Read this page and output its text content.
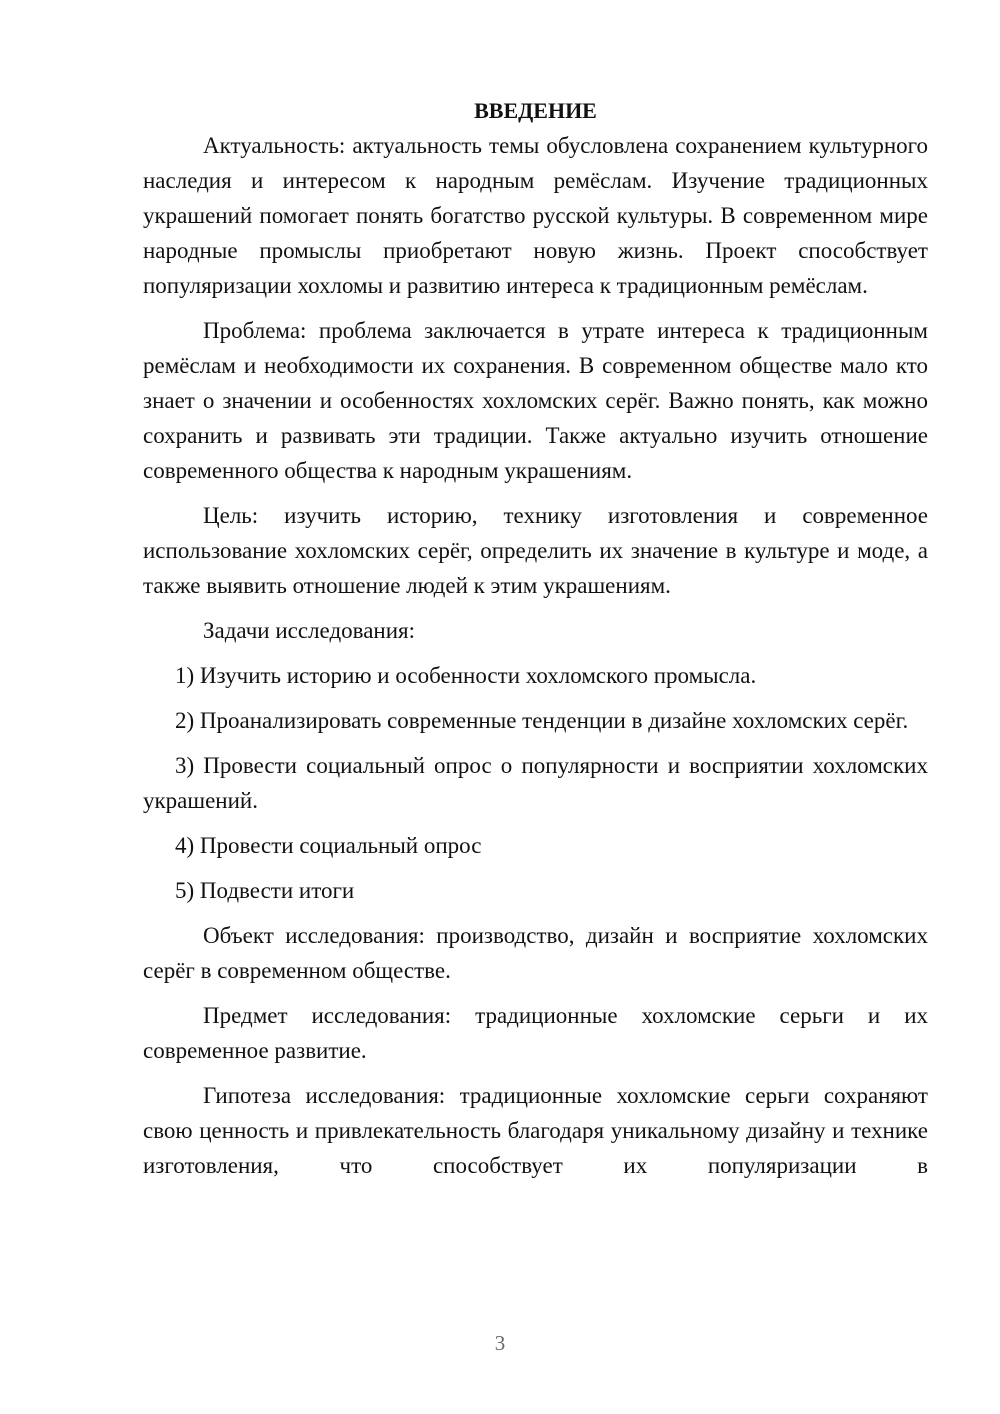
ВВЕДЕНИЕ

Актуальность: актуальность темы обусловлена сохранением культурного наследия и интересом к народным ремёслам. Изучение традиционных украшений помогает понять богатство русской культуры. В современном мире народные промыслы приобретают новую жизнь. Проект способствует популяризации хохломы и развитию интереса к традиционным ремёслам.

Проблема: проблема заключается в утрате интереса к традиционным ремёслам и необходимости их сохранения. В современном обществе мало кто знает о значении и особенностях хохломских серёг. Важно понять, как можно сохранить и развивать эти традиции. Также актуально изучить отношение современного общества к народным украшениям.

Цель: изучить историю, технику изготовления и современное использование хохломских серёг, определить их значение в культуре и моде, а также выявить отношение людей к этим украшениям.

Задачи исследования:

1) Изучить историю и особенности хохломского промысла.

2) Проанализировать современные тенденции в дизайне хохломских серёг.

3) Провести социальный опрос о популярности и восприятии хохломских украшений.

4) Провести социальный опрос

5) Подвести итоги

Объект исследования: производство, дизайн и восприятие хохломских серёг в современном обществе.

Предмет исследования: традиционные хохломские серьги и их современное развитие.

Гипотеза исследования: традиционные хохломские серьги сохраняют свою ценность и привлекательность благодаря уникальному дизайну и технике изготовления, что способствует их популяризации в

3
